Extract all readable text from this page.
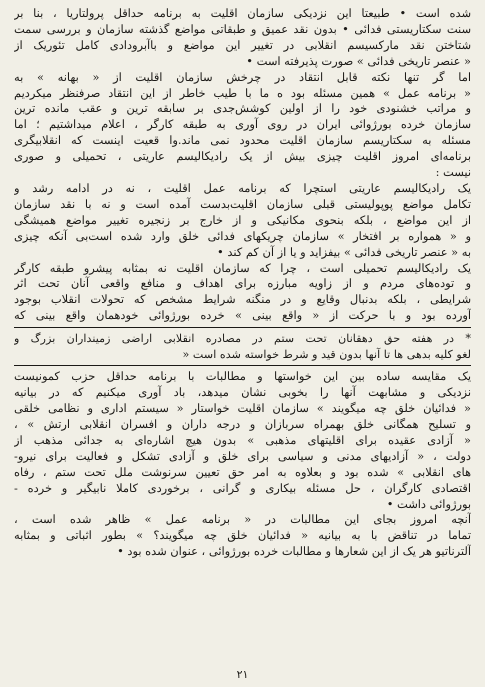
شده است • طبیعتا این نزدیکی سازمان اقلیت به برنامه حداقل پرولتاریا ، بنا بر
سنت سکتاریستی فدائی • بدون نقد عمیق و طبقاتی مواضع گذشته سازمان و بررسی سمت
شتاختن نقد مارکسیسم انقلابی در تغییر این مواضع و باآبرودادی کامل تئوریک از
« عنصر تاریخی فدائی » صورت پذیرفته است •
اما گر تنها نکته قابل انتقاد در چرخش سازمان اقلیت از « بهانه » به
« برنامه عمل » همین مسئله بود ه ما با طیب خاطر از این انتقاد صرفنظر میکردیم
و مراتب خشنودی خود را از اولین کوشش‌جدی بر سابقه ترین و عقب مانده ترین
سازمان خرده بورژوائی ایران در روی آوری به طبقه کارگر ، اعلام میداشتیم ؛ اما
مسئله به سکتاریسم سازمان اقلیت محدود نمی ماند.وا قعیت اینست که انقلابیگری
برنامه‌ای امروز اقلیت چیزی بیش از یک رادیکالیسم عاریتی ، تحمیلی و صوری
نیست :
یک رادیکالیسم عاریتی استچرا که برنامه عمل اقلیت ، نه در ادامه رشد و
تکامل مواضع پوپولیستی قبلی سازمان اقلیت‌بدست آمده است و نه با نقد سازمان
از این مواضع ، بلکه بنحوی مکانیکی و از خارج بر زنجیره تغییر مواضع همیشگی
و « همواره بر افتخار » سازمان چریکهای فدائی خلق وارد شده است‌بی آنکه چیزی
به « عنصر تاریخی فدائی » بیفزاید و یا از آن کم کند •
یک رادیکالیسم تحمیلی است ، چرا که سازمان اقلیت نه بمثابه پیشرو طبقه کارگر
و توده‌های مردم و از زاویه مبارزه برای اهداف و منافع واقعی آنان تحت ‌اثر
شرایطی ، بلکه بدنبال وقایع و در منگنه شرایط مشخص که تحولات انقلاب بوجود
آورده بود و با حرکت از « واقع بینی » خرده بورژوائی خودهمان واقع بینی که
* در هفته حق دهقانان تحت ستم در مصادره انقلابی اراضی زمینداران بزرگ و
لغو کلیه بدهی ها تا آنها بدون قید و شرط خواسته شده است «
یک مقایسه ساده بین این خواستها و مطالبات با برنامه حداقل حزب کمونیست
نزدیکی و مشابهت آنها را بخوبی نشان میدهد، باد آوری میکنیم که در بیانیه
« فدائیان خلق چه میگویند » سازمان اقلیت خواستار « سیستم اداری و نظامی خلقی
و تسلیح همگانی خلق بهمراه سربازان و درجه داران و افسران انقلابی ارتش » ،
« آزادی عقیده برای اقلیتهای مذهبی » بدون هیچ اشاره‌ای به جدائی مذهب از
دولت ، « آزادیهای مدنی و سیاسی برای خلق و آزادی تشکل و فعالیت برای نیرو-
های انقلابی » شده بود و بعلاوه به امر حق تعیین سرنوشت ملل تحت ستم ، رفاه
اقتصادی کارگران ، حل مسئله بیکاری و گرانی ، برخوردی کاملا نابیگیر و خرده -
بورژوائی داشت •
آنچه امروز بجای این مطالبات در « برنامه عمل » ظاهر شده است ،
تماما در تناقض با به بیانیه « فدائیان خلق چه میگویند؟ » بطور اثباتی و بمثابه
آلترناتیو هر یک از این شعارها و مطالبات خرده بورژوائی ، عنوان شده بود •
۲۱
